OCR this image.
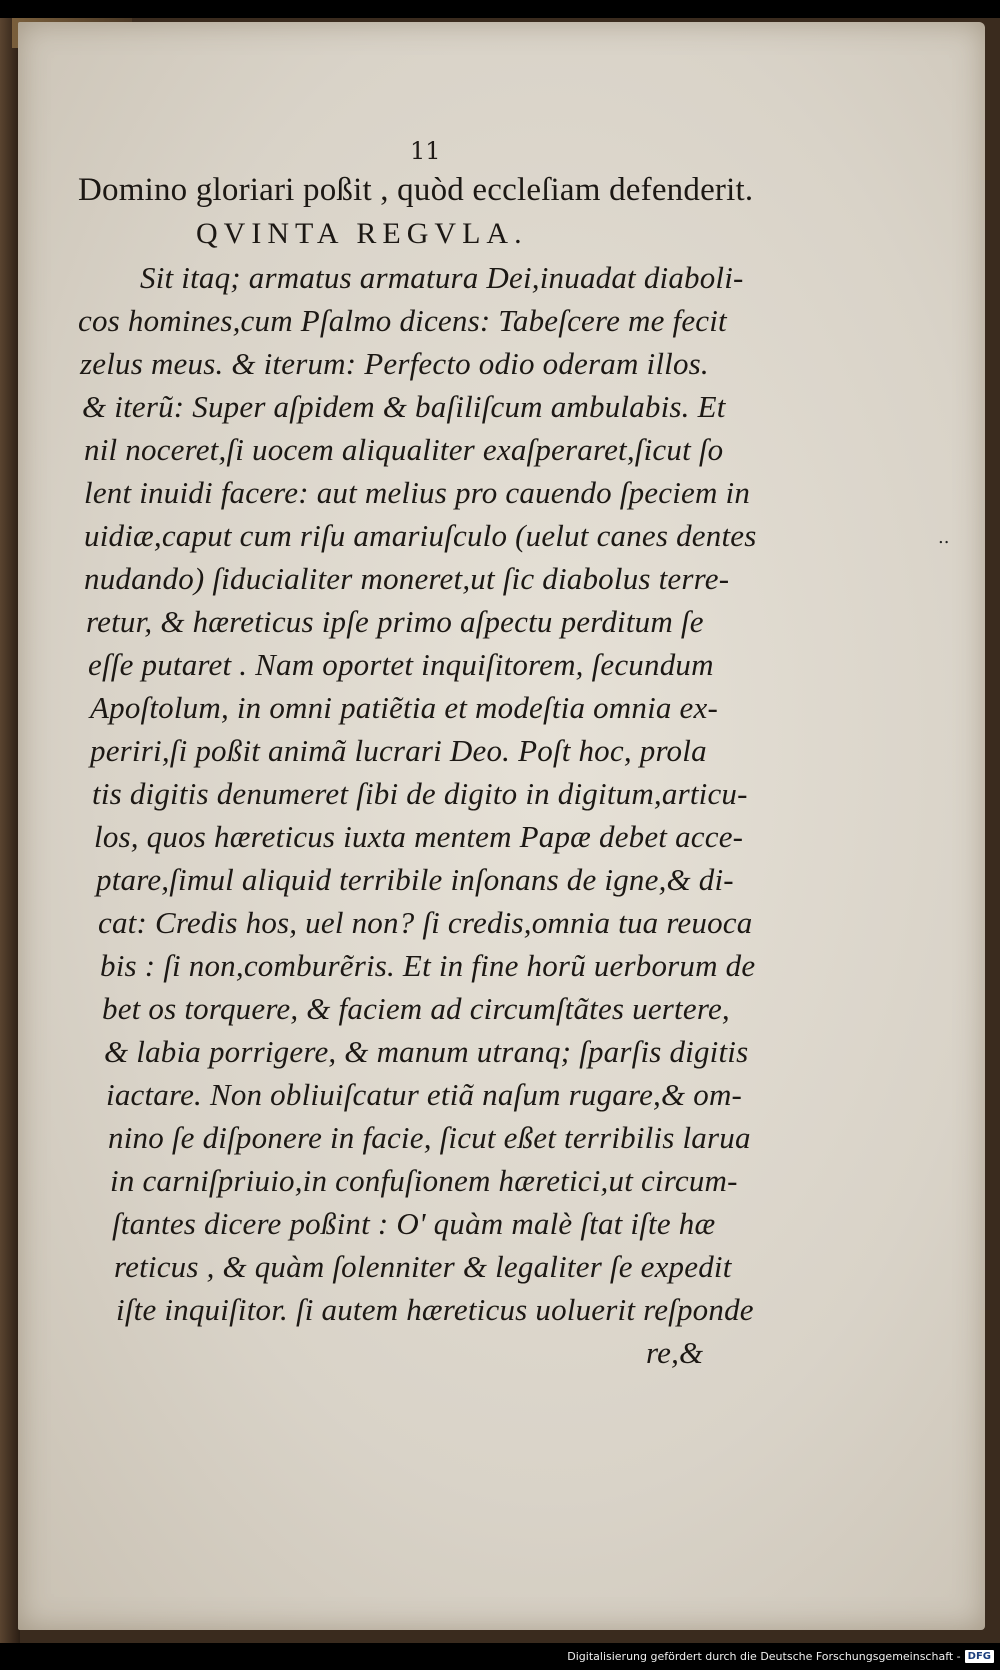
11
Domino gloriari poßit , quòd eccleſiam defenderit.
QVINTA REGVLA.
Sit itaq; armatus armatura Dei,inuadat diaboli-
cos homines,cum Pſalmo dicens: Tabeſcere me fecit
zelus meus. & iterum: Perfecto odio oderam illos.
& iterũ: Super aſpidem & baſiliſcum ambulabis. Et
nil noceret,ſi uocem aliqualiter exaſperaret,ſicut ſo
lent inuidi facere: aut melius pro cauendo ſpeciem in
uidiæ,caput cum riſu amariuſculo (uelut canes dentes
nudando) ſiducialiter moneret,ut ſic diabolus terre-
retur, & hæreticus ipſe primo aſpectu perditum ſe
eſſe putaret . Nam oportet inquiſitorem, ſecundum
Apoſtolum, in omni patiẽtia et modeſtia omnia ex-
periri,ſi poßit animã lucrari Deo. Poſt hoc, prola
tis digitis denumeret ſibi de digito in digitum,articu-
los, quos hæreticus iuxta mentem Papæ debet acce-
ptare,ſimul aliquid terribile inſonans de igne,& di-
cat: Credis hos, uel non? ſi credis,omnia tua reuoca
bis : ſi non,comburẽris. Et in fine horũ uerborum de
bet os torquere, & faciem ad circumſtãtes uertere,
& labia porrigere, & manum utranq; ſparſis digitis
iactare. Non obliuiſcatur etiã naſum rugare,& om-
nino ſe diſponere in facie, ſicut eßet terribilis larua
in carniſpriuio,in confuſionem hæretici,ut circum-
ſtantes dicere poßint : O' quàm malè ſtat iſte hæ
reticus , & quàm ſolenniter & legaliter ſe expedit
iſte inquiſitor. ſi autem hæreticus uoluerit reſponde
re,&
..
Digitalisierung gefördert durch die Deutsche Forschungsgemeinschaft - DFG
